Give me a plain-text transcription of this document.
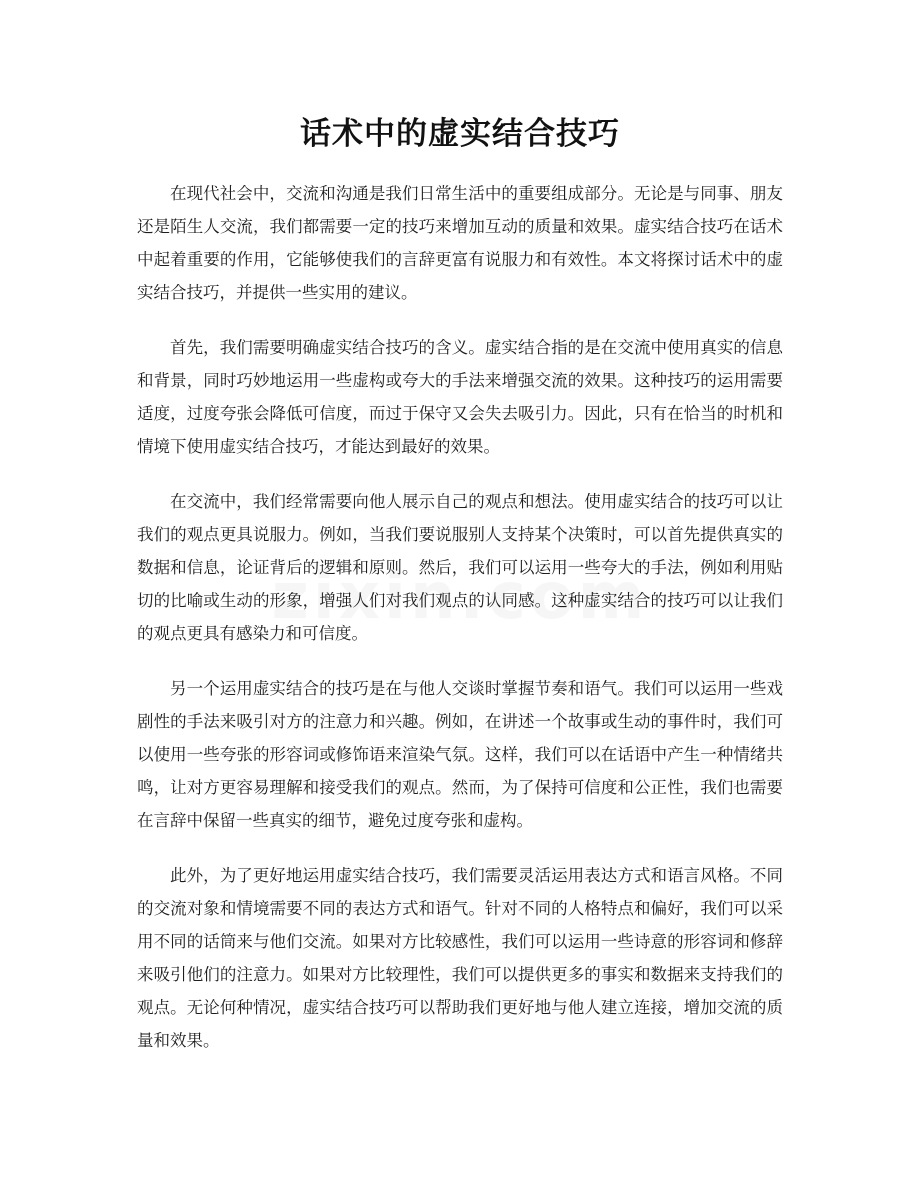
话术中的虚实结合技巧

在现代社会中，交流和沟通是我们日常生活中的重要组成部分。无论是与同事、朋友还是陌生人交流，我们都需要一定的技巧来增加互动的质量和效果。虚实结合技巧在话术中起着重要的作用，它能够使我们的言辞更富有说服力和有效性。本文将探讨话术中的虚实结合技巧，并提供一些实用的建议。

首先，我们需要明确虚实结合技巧的含义。虚实结合指的是在交流中使用真实的信息和背景，同时巧妙地运用一些虚构或夸大的手法来增强交流的效果。这种技巧的运用需要适度，过度夸张会降低可信度，而过于保守又会失去吸引力。因此，只有在恰当的时机和情境下使用虚实结合技巧，才能达到最好的效果。

在交流中，我们经常需要向他人展示自己的观点和想法。使用虚实结合的技巧可以让我们的观点更具说服力。例如，当我们要说服别人支持某个决策时，可以首先提供真实的数据和信息，论证背后的逻辑和原则。然后，我们可以运用一些夸大的手法，例如利用贴切的比喻或生动的形象，增强人们对我们观点的认同感。这种虚实结合的技巧可以让我们的观点更具有感染力和可信度。

另一个运用虚实结合的技巧是在与他人交谈时掌握节奏和语气。我们可以运用一些戏剧性的手法来吸引对方的注意力和兴趣。例如，在讲述一个故事或生动的事件时，我们可以使用一些夸张的形容词或修饰语来渲染气氛。这样，我们可以在话语中产生一种情绪共鸣，让对方更容易理解和接受我们的观点。然而，为了保持可信度和公正性，我们也需要在言辞中保留一些真实的细节，避免过度夸张和虚构。

此外，为了更好地运用虚实结合技巧，我们需要灵活运用表达方式和语言风格。不同的交流对象和情境需要不同的表达方式和语气。针对不同的人格特点和偏好，我们可以采用不同的话筒来与他们交流。如果对方比较感性，我们可以运用一些诗意的形容词和修辞来吸引他们的注意力。如果对方比较理性，我们可以提供更多的事实和数据来支持我们的观点。无论何种情况，虚实结合技巧可以帮助我们更好地与他人建立连接，增加交流的质量和效果。
